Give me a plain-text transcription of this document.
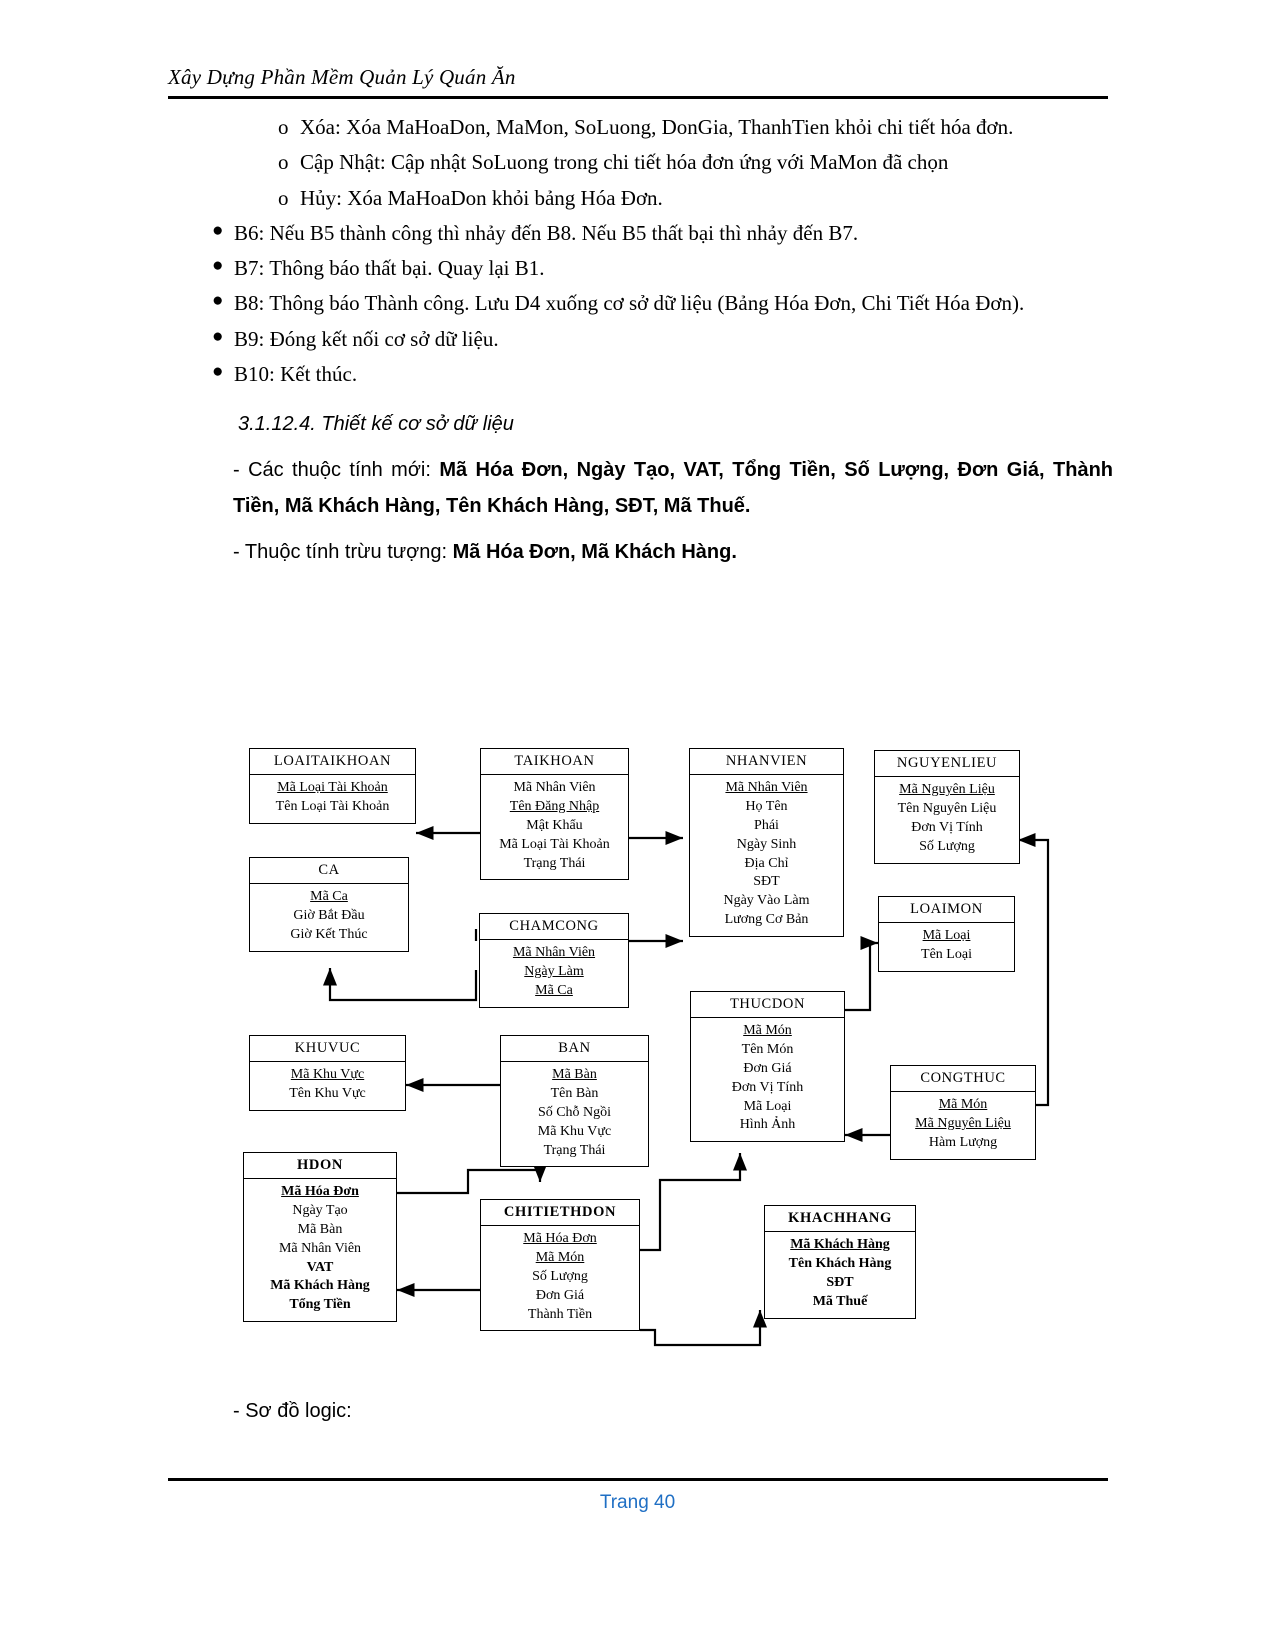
Xây Dựng Phần Mềm Quản Lý Quán Ăn
o Xóa: Xóa MaHoaDon, MaMon, SoLuong, DonGia, ThanhTien khỏi chi tiết hóa đơn.
o Cập Nhật: Cập nhật SoLuong trong chi tiết hóa đơn ứng với MaMon đã chọn
o Hủy: Xóa MaHoaDon khỏi bảng Hóa Đơn.
● B6: Nếu B5 thành công thì nhảy đến B8. Nếu B5 thất bại thì nhảy đến B7.
● B7: Thông báo thất bại. Quay lại B1.
● B8: Thông báo Thành công. Lưu D4 xuống cơ sở dữ liệu (Bảng Hóa Đơn, Chi Tiết Hóa Đơn).
● B9: Đóng kết nối cơ sở dữ liệu.
● B10: Kết thúc.
3.1.12.4. Thiết kế cơ sở dữ liệu
- Các thuộc tính mới: Mã Hóa Đơn, Ngày Tạo, VAT, Tổng Tiền, Số Lượng, Đơn Giá, Thành Tiền, Mã Khách Hàng, Tên Khách Hàng, SĐT, Mã Thuế.
- Thuộc tính trừu tượng: Mã Hóa Đơn, Mã Khách Hàng.
LOAITAIKHOAN
Mã Loại Tài Khoản
Tên Loại Tài Khoản
TAIKHOAN
Mã Nhân Viên
Tên Đăng Nhập
Mật Khẩu
Mã Loại Tài Khoản
Trạng Thái
NHANVIEN
Mã Nhân Viên
Họ Tên
Phái
Ngày Sinh
Địa Chỉ
SĐT
Ngày Vào Làm
Lương Cơ Bản
NGUYENLIEU
Mã Nguyên Liệu
Tên Nguyên Liệu
Đơn Vị Tính
Số Lượng
CA
Mã Ca
Giờ Bắt Đầu
Giờ Kết Thúc
CHAMCONG
Mã Nhân Viên
Ngày Làm
Mã Ca
LOAIMON
Mã Loại
Tên Loại
KHUVUC
Mã Khu Vực
Tên Khu Vực
BAN
Mã Bàn
Tên Bàn
Số Chỗ Ngồi
Mã Khu Vực
Trạng Thái
THUCDON
Mã Món
Tên Món
Đơn Giá
Đơn Vị Tính
Mã Loại
Hình Ảnh
CONGTHUC
Mã Món
Mã Nguyên Liệu
Hàm Lượng
HDON
Mã Hóa Đơn
Ngày Tạo
Mã Bàn
Mã Nhân Viên
VAT
Mã Khách Hàng
Tổng Tiền
CHITIETHDON
Mã Hóa Đơn
Mã Món
Số Lượng
Đơn Giá
Thành Tiền
KHACHHANG
Mã Khách Hàng
Tên Khách Hàng
SĐT
Mã Thuế
- Sơ đồ logic:
Trang 40
